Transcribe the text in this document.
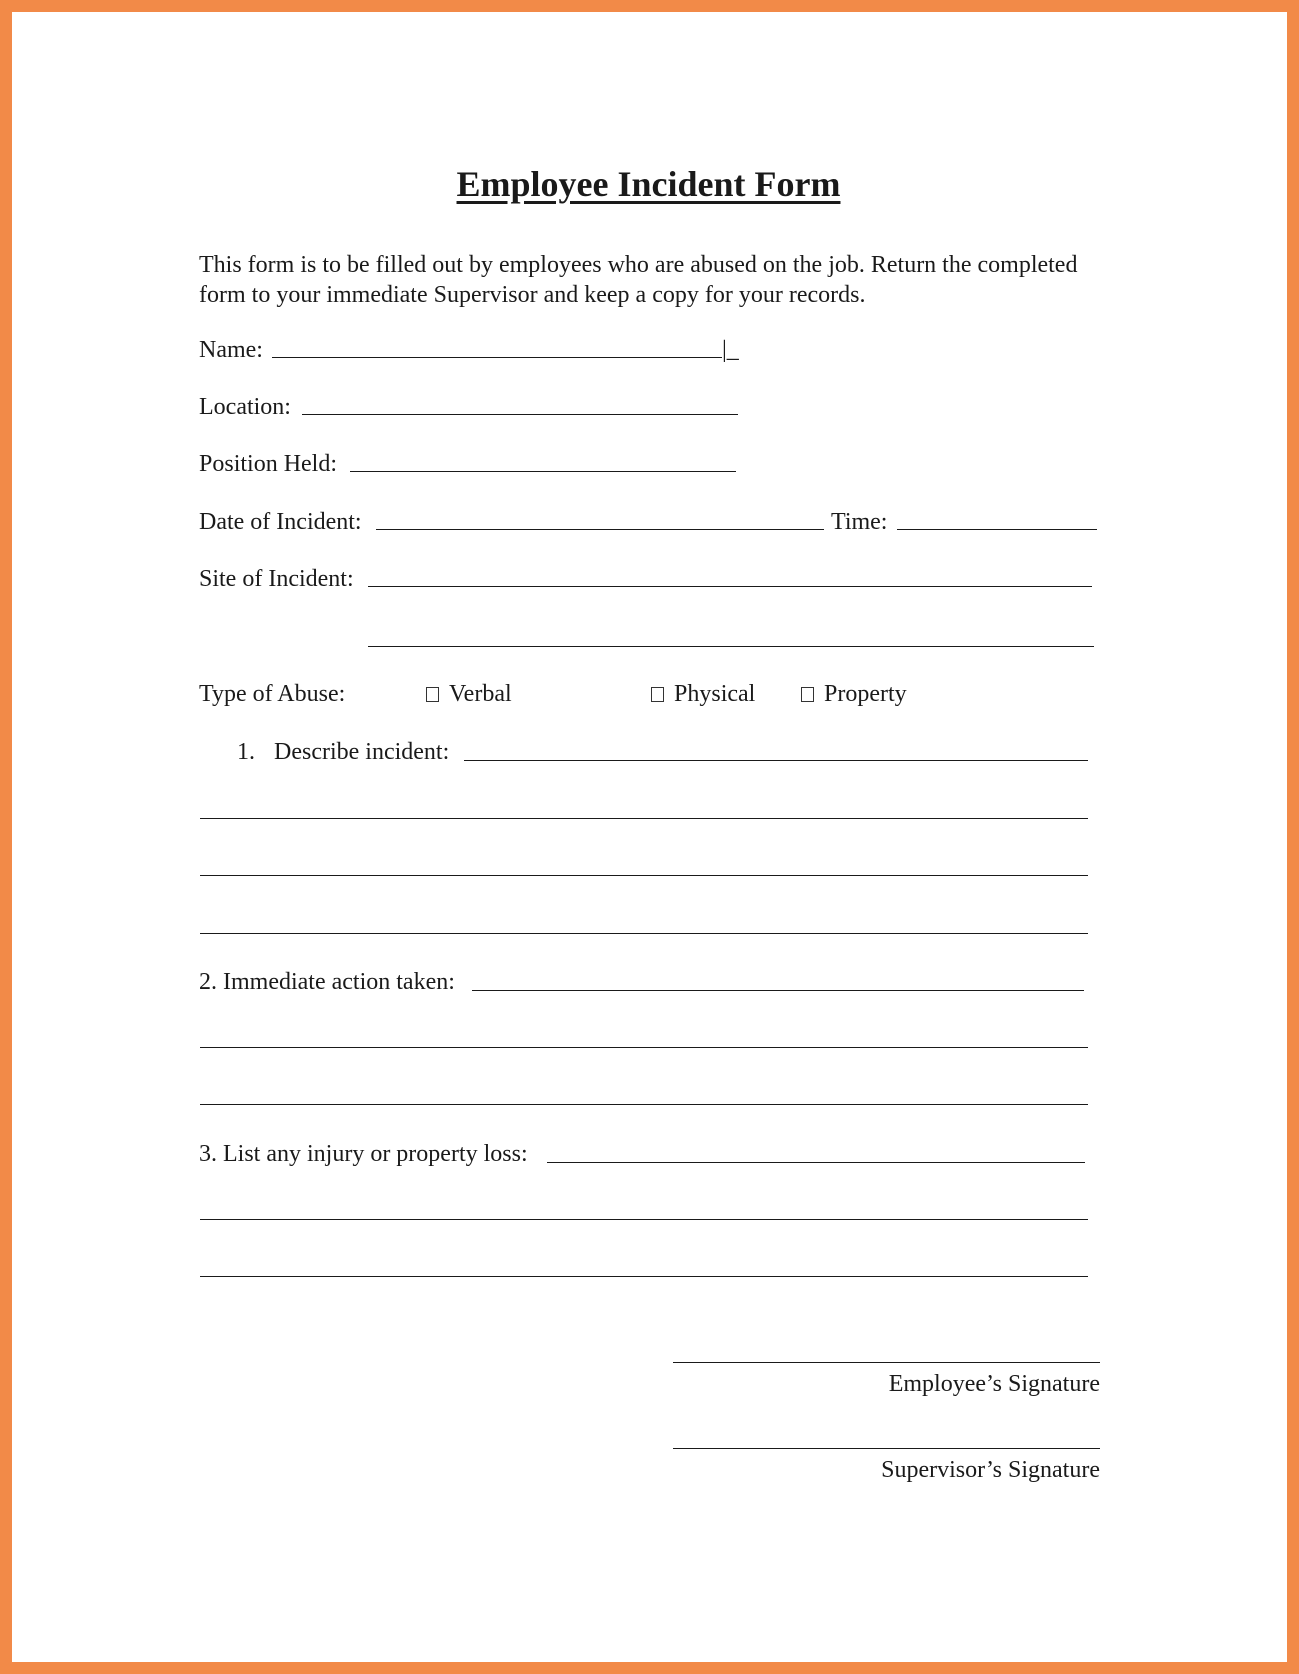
Employee Incident Form
This form is to be filled out by employees who are abused on the job. Return the completed form to your immediate Supervisor and keep a copy for your records.
Name:	|_
Location:
Position Held:
Date of Incident:	Time:
Site of Incident:
Type of Abuse:	Verbal	Physical	Property
1. Describe incident:
2. Immediate action taken:
3. List any injury or property loss:
Employee’s Signature
Supervisor’s Signature
